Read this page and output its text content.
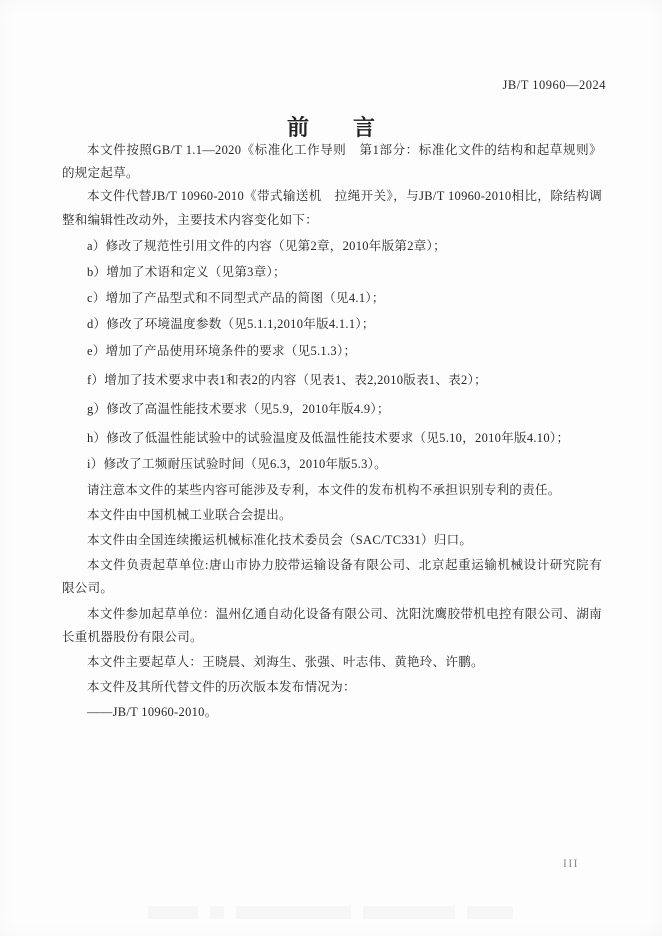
JB/T 10960—2024
前　　言

本文件按照GB/T 1.1—2020《标准化工作导则　第1部分：标准化文件的结构和起草规则》的规定起草。

本文件代替JB/T 10960-2010《带式输送机　拉绳开关》，与JB/T 10960-2010相比，除结构调整和编辑性改动外，主要技术内容变化如下：

a）修改了规范性引用文件的内容（见第2章，2010年版第2章）；

b）增加了术语和定义（见第3章）；

c）增加了产品型式和不同型式产品的简图（见4.1）；

d）修改了环境温度参数（见5.1.1,2010年版4.1.1）；

e）增加了产品使用环境条件的要求（见5.1.3）；

f）增加了技术要求中表1和表2的内容（见表1、表2,2010版表1、表2）；

g）修改了高温性能技术要求（见5.9，2010年版4.9）；

h）修改了低温性能试验中的试验温度及低温性能技术要求（见5.10，2010年版4.10）；

i）修改了工频耐压试验时间（见6.3，2010年版5.3）。

请注意本文件的某些内容可能涉及专利，本文件的发布机构不承担识别专利的责任。

本文件由中国机械工业联合会提出。

本文件由全国连续搬运机械标准化技术委员会（SAC/TC331）归口。

本文件负责起草单位:唐山市协力胶带运输设备有限公司、北京起重运输机械设计研究院有限公司。

本文件参加起草单位：温州亿通自动化设备有限公司、沈阳沈鹰胶带机电控有限公司、湖南长重机器股份有限公司。

本文件主要起草人：王晓晨、刘海生、张强、叶志伟、黄艳玲、许鹏。

本文件及其所代替文件的历次版本发布情况为：

——JB/T 10960-2010。

III
